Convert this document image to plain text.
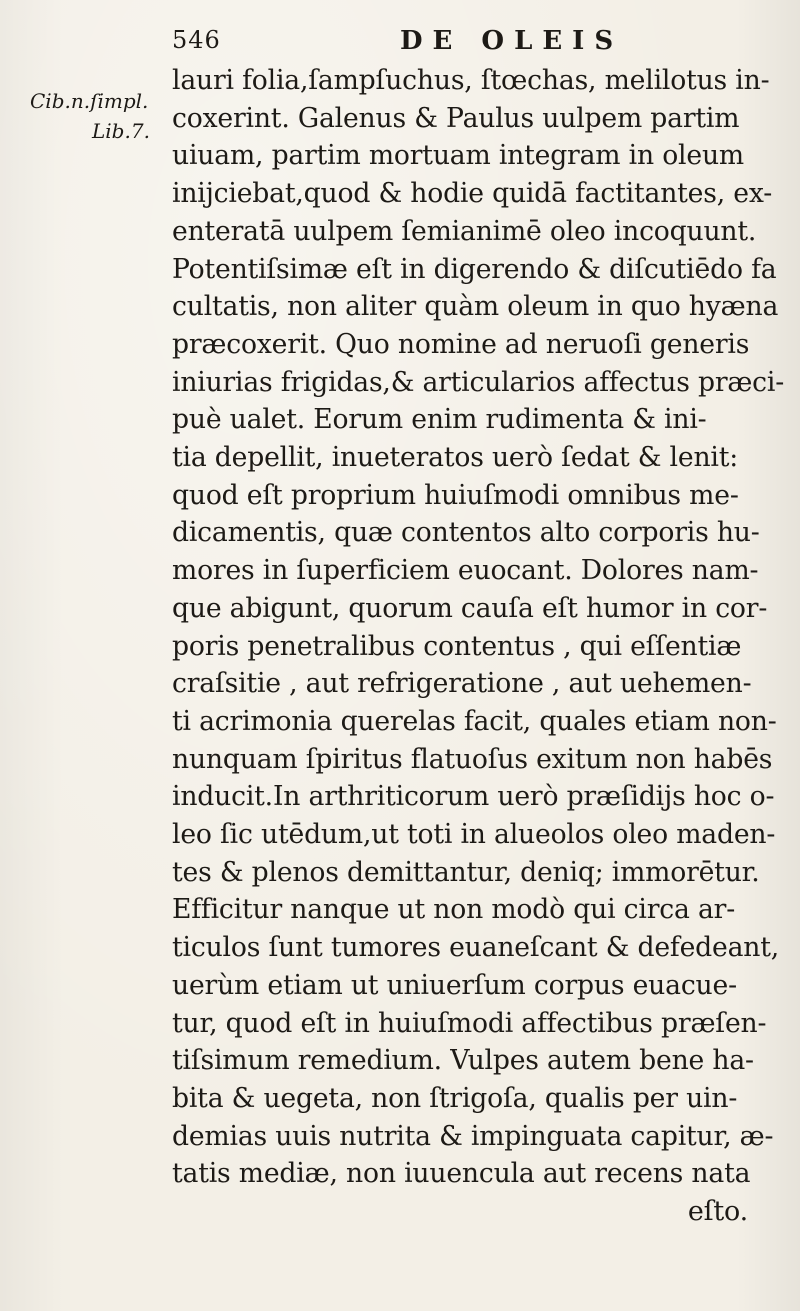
546	DE OLEIS
Cib.n.ſimpl.
Lib.7.
lauri folia,ſampſuchus, ſtœchas, melilotus in-
coxerint. Galenus & Paulus uulpem partim
uiuam, partim mortuam integram in oleum
inijciebat,quod & hodie quidā factitantes, ex-
enteratā uulpem ſemianimē oleo incoquunt.
Potentiſsimæ eſt in digerendo & diſcutiēdo fa
cultatis, non aliter quàm oleum in quo hyæna
præcoxerit. Quo nomine ad neruoſi generis
iniurias frigidas,& articularios affectus præci-
puè ualet. Eorum enim rudimenta & ini-
tia depellit, inueteratos uerò ſedat & lenit:
quod eſt proprium huiuſmodi omnibus me-
dicamentis, quæ contentos alto corporis hu-
mores in ſuperficiem euocant. Dolores nam-
que abigunt, quorum cauſa eſt humor in cor-
poris penetralibus contentus , qui eſſentiæ
craſsitie , aut refrigeratione , aut uehemen-
ti acrimonia querelas facit, quales etiam non-
nunquam ſpiritus flatuoſus exitum non habēs
inducit.In arthriticorum uerò præſidijs hoc o-
leo ſic utēdum,ut toti in alueolos oleo maden-
tes & plenos demittantur, deniq; immorētur.
Efficitur nanque ut non modò qui circa ar-
ticulos ſunt tumores euaneſcant & defedeant,
uerùm etiam ut uniuerſum corpus euacue-
tur, quod eſt in huiuſmodi affectibus præſen-
tiſsimum remedium. Vulpes autem bene ha-
bita & uegeta, non ſtrigoſa, qualis per uin-
demias uuis nutrita & impinguata capitur, æ-
tatis mediæ, non iuuencula aut recens nata
eſto.
